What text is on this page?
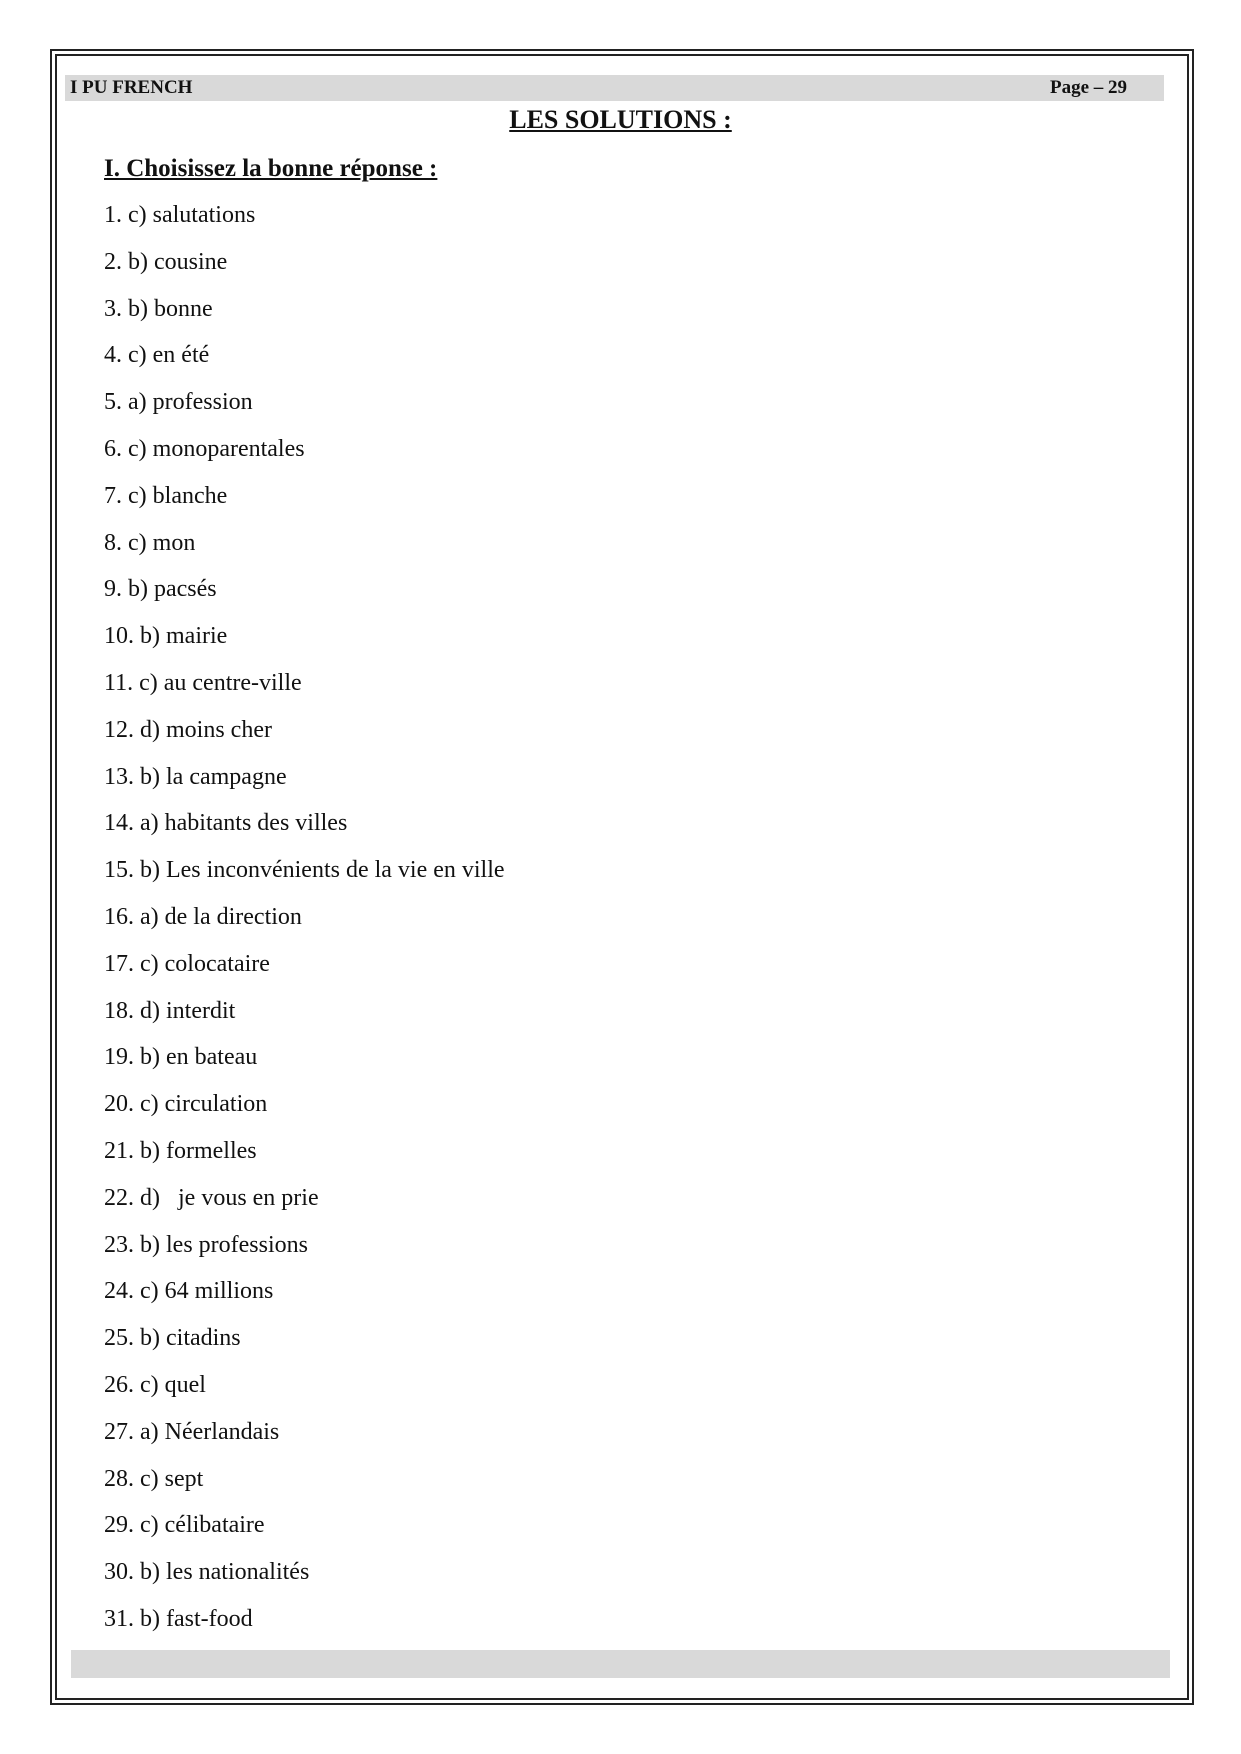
I PU FRENCH	Page – 29
LES SOLUTIONS :
I. Choisissez la bonne réponse :
1. c) salutations
2. b) cousine
3. b) bonne
4. c) en été
5. a) profession
6. c) monoparentales
7. c) blanche
8. c) mon
9. b) pacsés
10. b) mairie
11. c) au centre-ville
12. d) moins cher
13. b) la campagne
14. a) habitants des villes
15. b) Les inconvénients de la vie en ville
16. a) de la direction
17. c) colocataire
18. d) interdit
19. b) en bateau
20. c) circulation
21. b) formelles
22. d)   je vous en prie
23. b) les professions
24. c) 64 millions
25. b) citadins
26. c) quel
27. a) Néerlandais
28. c) sept
29. c) célibataire
30. b) les nationalités
31. b) fast-food
